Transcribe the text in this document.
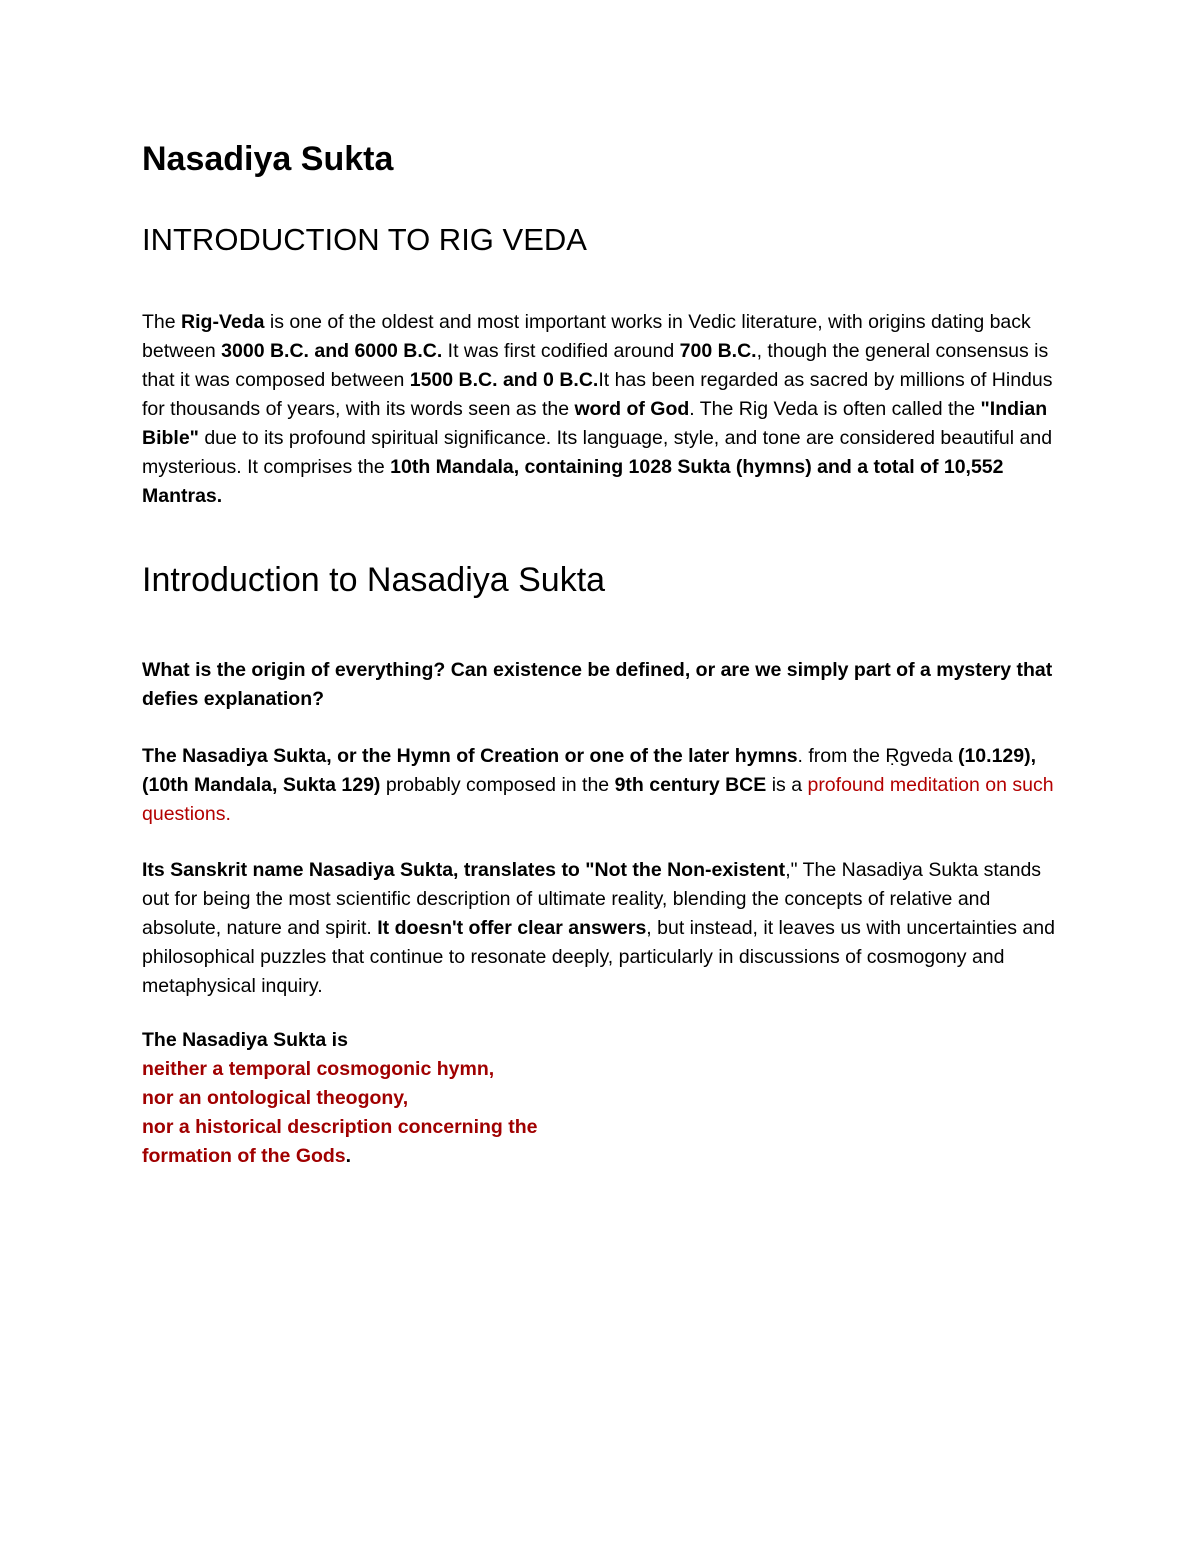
Nasadiya Sukta
INTRODUCTION TO RIG VEDA

The Rig-Veda is one of the oldest and most important works in Vedic literature, with origins dating back between 3000 B.C. and 6000 B.C. It was first codified around 700 B.C., though the general consensus is that it was composed between 1500 B.C. and 0 B.C.It has been regarded as sacred by millions of Hindus for thousands of years, with its words seen as the word of God. The Rig Veda is often called the "Indian Bible" due to its profound spiritual significance. Its language, style, and tone are considered beautiful and mysterious. It comprises the 10th Mandala, containing 1028 Sukta (hymns) and a total of 10,552 Mantras.

Introduction to Nasadiya Sukta

What is the origin of everything? Can existence be defined, or are we simply part of a mystery that defies explanation?

The Nasadiya Sukta, or the Hymn of Creation or one of the later hymns. from the Ṛgveda (10.129), (10th Mandala, Sukta 129) probably composed in the 9th century BCE is a profound meditation on such questions.

Its Sanskrit name Nasadiya Sukta, translates to "Not the Non-existent," The Nasadiya Sukta stands out for being the most scientific description of ultimate reality, blending the concepts of relative and absolute, nature and spirit. It doesn't offer clear answers, but instead, it leaves us with uncertainties and philosophical puzzles that continue to resonate deeply, particularly in discussions of cosmogony and metaphysical inquiry.

The Nasadiya Sukta is
neither a temporal cosmogonic hymn,
nor an ontological theogony,
nor a historical description concerning the
formation of the Gods.
